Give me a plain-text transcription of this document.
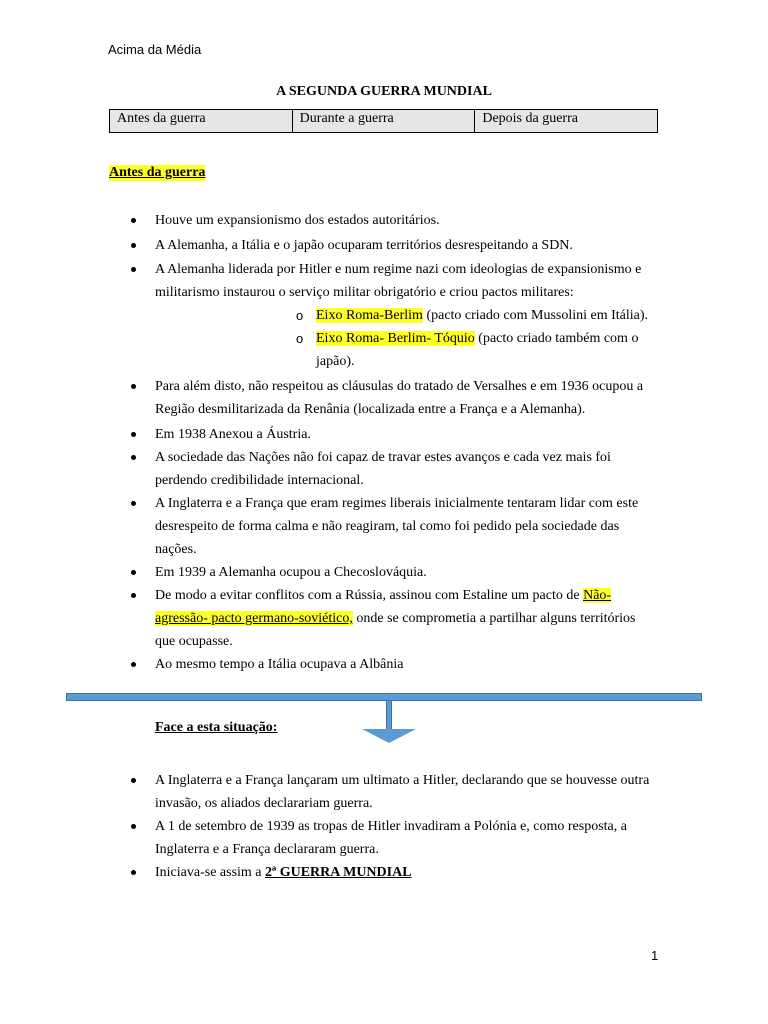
Acima da Média
A SEGUNDA GUERRA MUNDIAL
Antes da guerra	Durante a guerra	Depois da guerra
Antes da guerra
Houve um expansionismo dos estados autoritários.
A Alemanha, a Itália e o japão ocuparam territórios desrespeitando a SDN.
A Alemanha liderada por Hitler e num regime nazi com ideologias de expansionismo e militarismo instaurou o serviço militar obrigatório e criou pactos militares:
o Eixo Roma-Berlim (pacto criado com Mussolini em Itália).
o Eixo Roma- Berlim- Tóquio (pacto criado também com o japão).
Para além disto, não respeitou as cláusulas do tratado de Versalhes e em 1936 ocupou a Região desmilitarizada da Renânia (localizada entre a França e a Alemanha).
Em 1938 Anexou a Áustria.
A sociedade das Nações não foi capaz de travar estes avanços e cada vez mais foi perdendo credibilidade internacional.
A Inglaterra e a França que eram regimes liberais inicialmente tentaram lidar com este desrespeito de forma calma e não reagiram, tal como foi pedido pela sociedade das nações.
Em 1939 a Alemanha ocupou a Checoslováquia.
De modo a evitar conflitos com a Rússia, assinou com Estaline um pacto de Não-agressão- pacto germano-soviético, onde se comprometia a partilhar alguns territórios que ocupasse.
Ao mesmo tempo a Itália ocupava a Albânia
Face a esta situação:
A Inglaterra e a França lançaram um ultimato a Hitler, declarando que se houvesse outra invasão, os aliados declarariam guerra.
A 1 de setembro de 1939 as tropas de Hitler invadiram a Polónia e, como resposta, a Inglaterra e a França declararam guerra.
Iniciava-se assim a 2ª GUERRA MUNDIAL
1
